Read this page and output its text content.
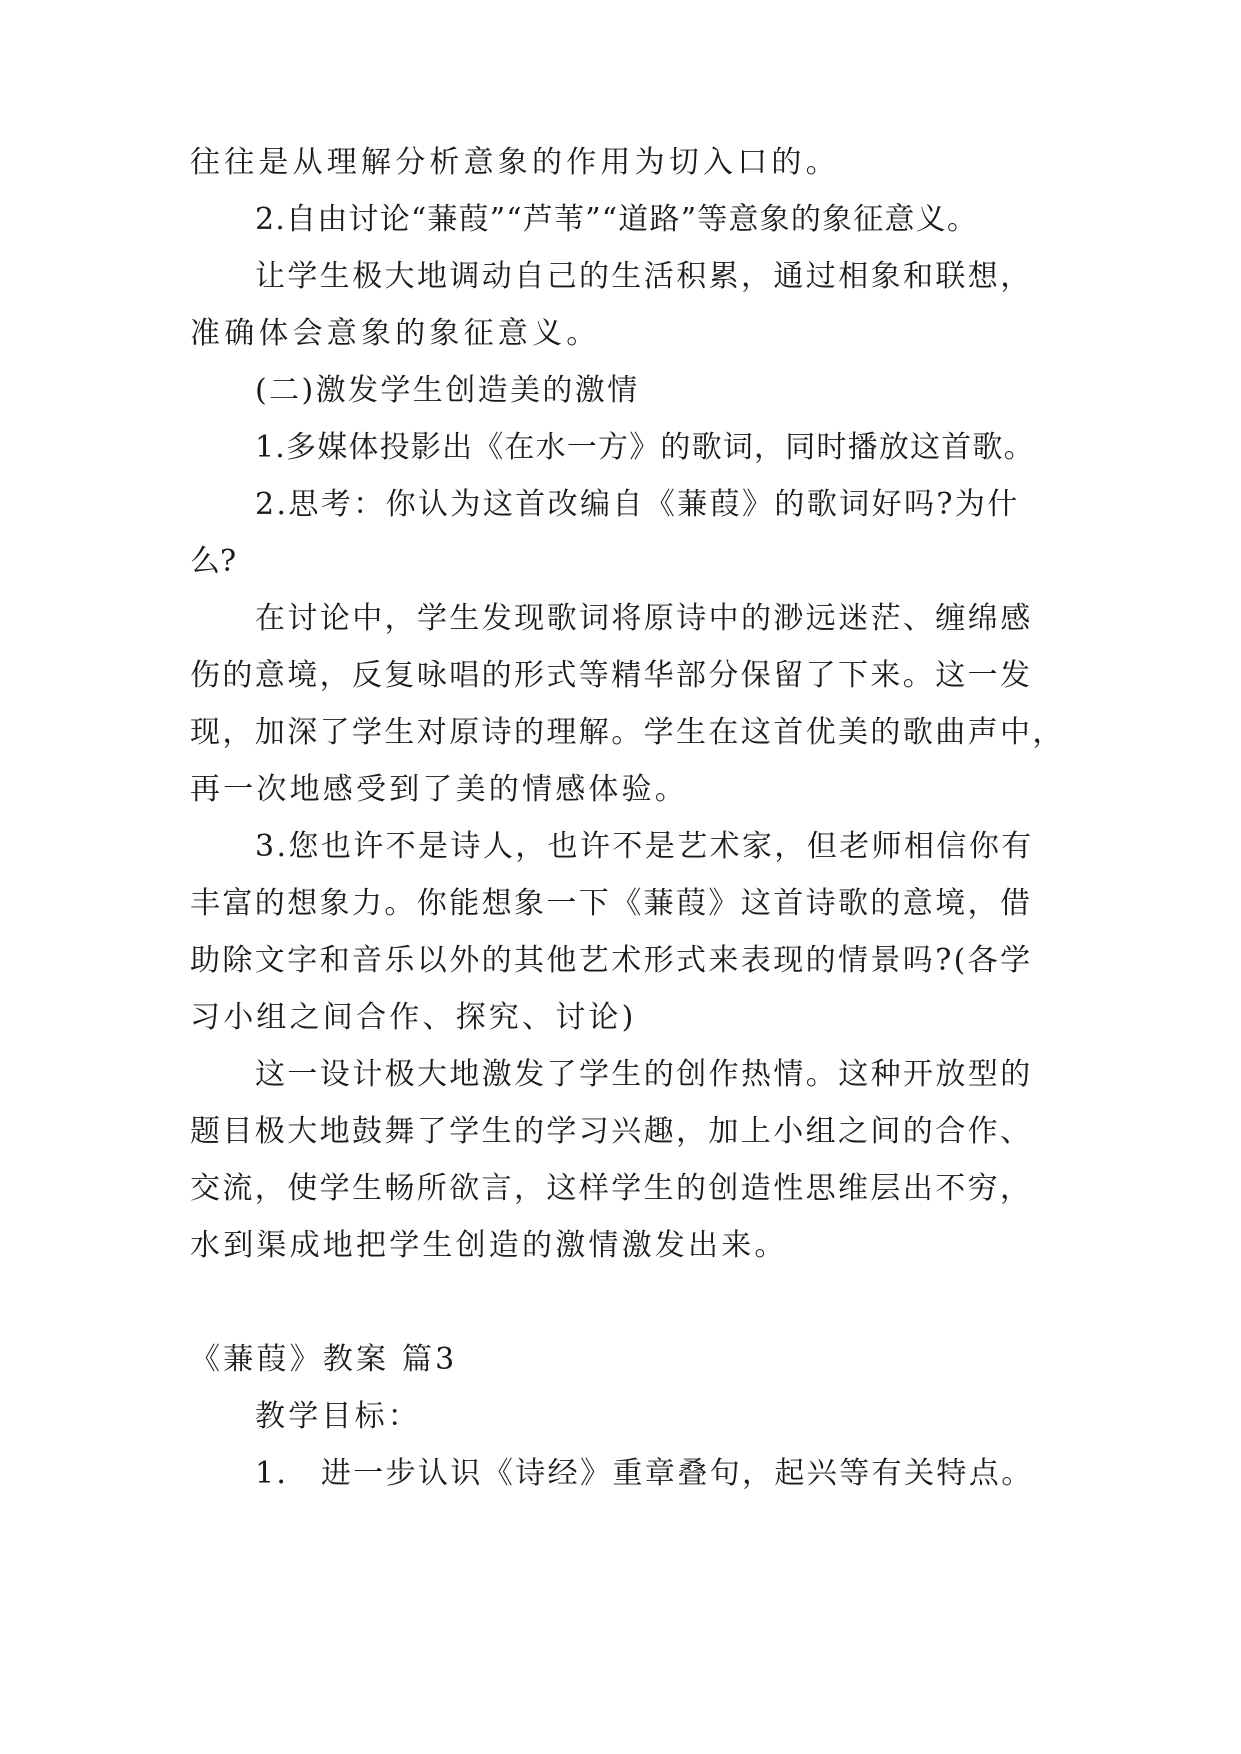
往往是从理解分析意象的作用为切入口的。
2.自由讨论“蒹葭”“芦苇”“道路”等意象的象征意义。
让学生极大地调动自己的生活积累，通过相象和联想，
准确体会意象的象征意义。
(二)激发学生创造美的激情
1.多媒体投影出《在水一方》的歌词，同时播放这首歌。
2.思考：你认为这首改编自《蒹葭》的歌词好吗?为什
么?
在讨论中，学生发现歌词将原诗中的渺远迷茫、缠绵感
伤的意境，反复咏唱的形式等精华部分保留了下来。这一发
现，加深了学生对原诗的理解。学生在这首优美的歌曲声中，
再一次地感受到了美的情感体验。
3.您也许不是诗人，也许不是艺术家，但老师相信你有
丰富的想象力。你能想象一下《蒹葭》这首诗歌的意境，借
助除文字和音乐以外的其他艺术形式来表现的情景吗?(各学
习小组之间合作、探究、讨论)
这一设计极大地激发了学生的创作热情。这种开放型的
题目极大地鼓舞了学生的学习兴趣，加上小组之间的合作、
交流，使学生畅所欲言，这样学生的创造性思维层出不穷，
水到渠成地把学生创造的激情激发出来。
《蒹葭》教案 篇3
教学目标：
1． 进一步认识《诗经》重章叠句，起兴等有关特点。
